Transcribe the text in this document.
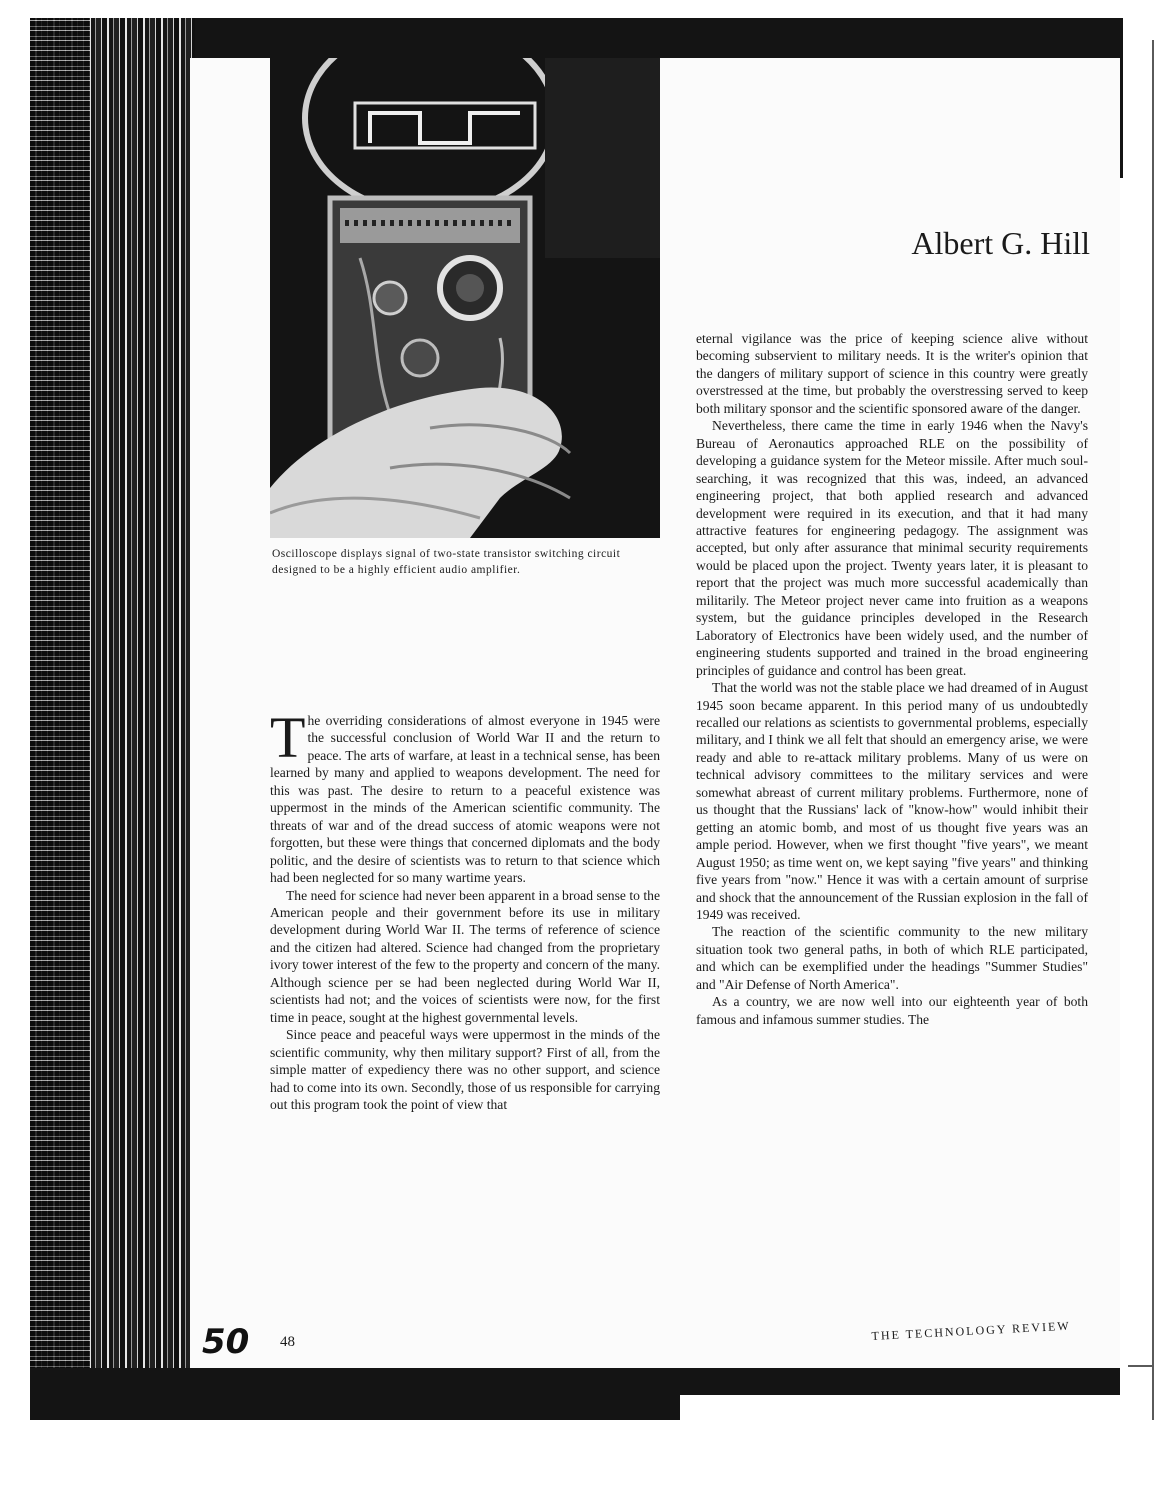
Oscilloscope displays signal of two-state transistor switching circuit designed to be a highly efficient audio amplifier.

Albert G. Hill

The overriding considerations of almost everyone in 1945 were the successful conclusion of World War II and the return to peace. The arts of warfare, at least in a technical sense, has been learned by many and applied to weapons development. The need for this was past. The desire to return to a peaceful existence was uppermost in the minds of the American scientific community. The threats of war and of the dread success of atomic weapons were not forgotten, but these were things that concerned diplomats and the body politic, and the desire of scientists was to return to that science which had been neglected for so many wartime years.

The need for science had never been apparent in a broad sense to the American people and their government before its use in military development during World War II. The terms of reference of science and the citizen had altered. Science had changed from the proprietary ivory tower interest of the few to the property and concern of the many. Although science per se had been neglected during World War II, scientists had not; and the voices of scientists were now, for the first time in peace, sought at the highest governmental levels.

Since peace and peaceful ways were uppermost in the minds of the scientific community, why then military support? First of all, from the simple matter of expediency there was no other support, and science had to come into its own. Secondly, those of us responsible for carrying out this program took the point of view that

eternal vigilance was the price of keeping science alive without becoming subservient to military needs. It is the writer's opinion that the dangers of military support of science in this country were greatly overstressed at the time, but probably the overstressing served to keep both military sponsor and the scientific sponsored aware of the danger.

Nevertheless, there came the time in early 1946 when the Navy's Bureau of Aeronautics approached RLE on the possibility of developing a guidance system for the Meteor missile. After much soul-searching, it was recognized that this was, indeed, an advanced engineering project, that both applied research and advanced development were required in its execution, and that it had many attractive features for engineering pedagogy. The assignment was accepted, but only after assurance that minimal security requirements would be placed upon the project. Twenty years later, it is pleasant to report that the project was much more successful academically than militarily. The Meteor project never came into fruition as a weapons system, but the guidance principles developed in the Research Laboratory of Electronics have been widely used, and the number of engineering students supported and trained in the broad engineering principles of guidance and control has been great.

That the world was not the stable place we had dreamed of in August 1945 soon became apparent. In this period many of us undoubtedly recalled our relations as scientists to governmental problems, especially military, and I think we all felt that should an emergency arise, we were ready and able to re-attack military problems. Many of us were on technical advisory committees to the military services and were somewhat abreast of current military problems. Furthermore, none of us thought that the Russians' lack of "know-how" would inhibit their getting an atomic bomb, and most of us thought five years was an ample period. However, when we first thought "five years", we meant August 1950; as time went on, we kept saying "five years" and thinking five years from "now." Hence it was with a certain amount of surprise and shock that the announcement of the Russian explosion in the fall of 1949 was received.

The reaction of the scientific community to the new military situation took two general paths, in both of which RLE participated, and which can be exemplified under the headings "Summer Studies" and "Air Defense of North America".

As a country, we are now well into our eighteenth year of both famous and infamous summer studies. The

50 48	THE TECHNOLOGY REVIEW
